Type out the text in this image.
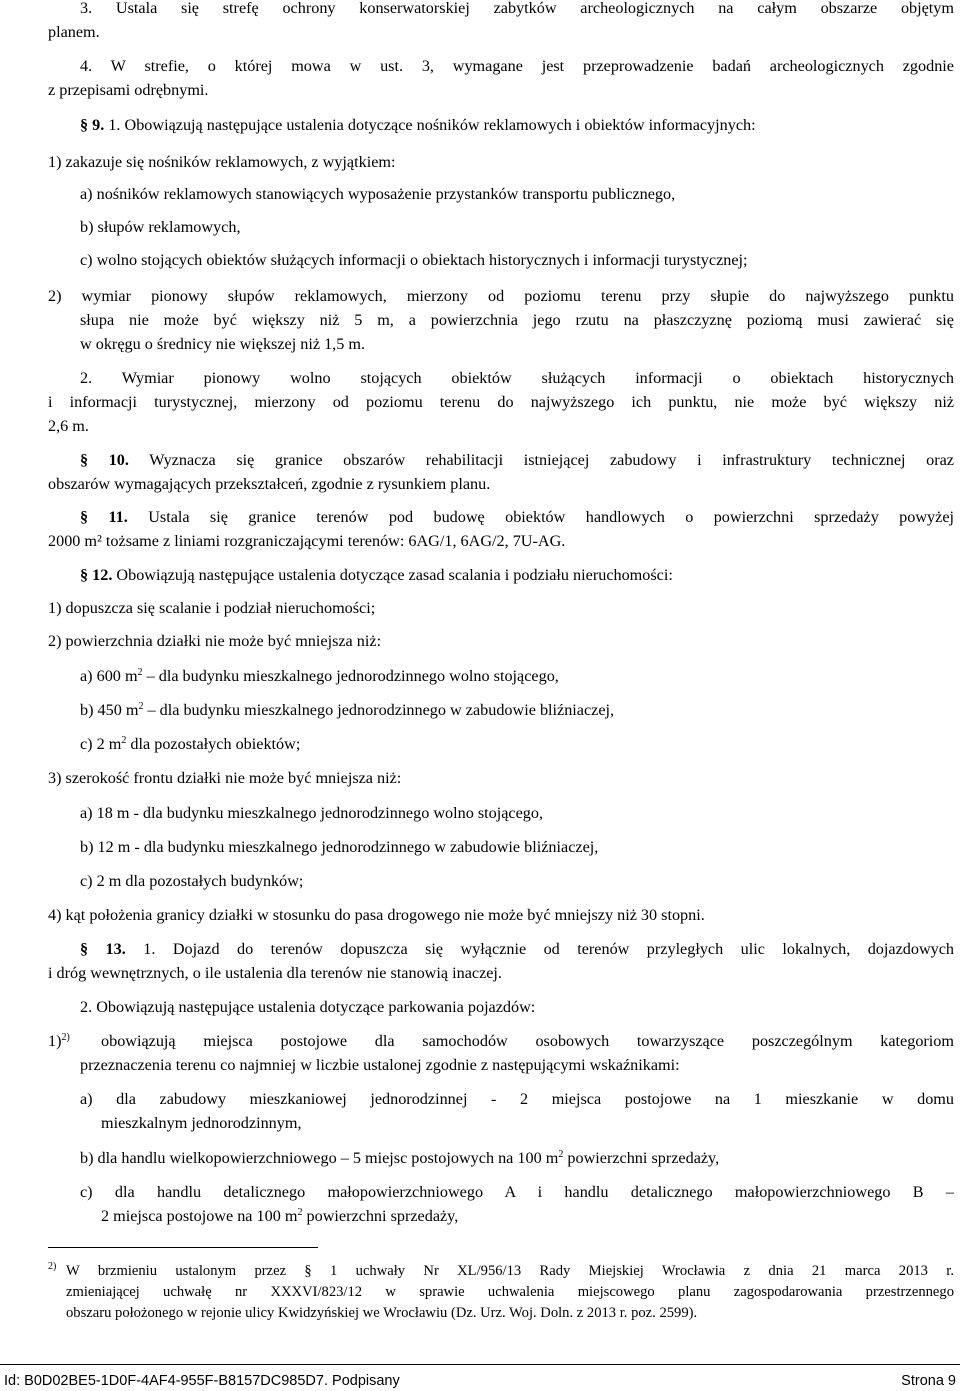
3. Ustala się strefę ochrony konserwatorskiej zabytków archeologicznych na całym obszarze objętym
planem.
4. W strefie, o której mowa w ust. 3, wymagane jest przeprowadzenie badań archeologicznych zgodnie
z przepisami odrębnymi.
§ 9. 1. Obowiązują następujące ustalenia dotyczące nośników reklamowych i obiektów informacyjnych:
1) zakazuje się nośników reklamowych, z wyjątkiem:
a) nośników reklamowych stanowiących wyposażenie przystanków transportu publicznego,
b) słupów reklamowych,
c) wolno stojących obiektów służących informacji o obiektach historycznych i informacji turystycznej;
2) wymiar pionowy słupów reklamowych, mierzony od poziomu terenu przy słupie do najwyższego punktu
słupa nie może być większy niż 5 m, a powierzchnia jego rzutu na płaszczyznę poziomą musi zawierać się
w okręgu o średnicy nie większej niż 1,5 m.
2. Wymiar pionowy wolno stojących obiektów służących informacji o obiektach historycznych
i informacji turystycznej, mierzony od poziomu terenu do najwyższego ich punktu, nie może być większy niż
2,6 m.
§ 10. Wyznacza się granice obszarów rehabilitacji istniejącej zabudowy i infrastruktury technicznej oraz
obszarów wymagających przekształceń, zgodnie z rysunkiem planu.
§ 11. Ustala się granice terenów pod budowę obiektów handlowych o powierzchni sprzedaży powyżej
2000 m² tożsame z liniami rozgraniczającymi terenów: 6AG/1, 6AG/2, 7U-AG.
§ 12. Obowiązują następujące ustalenia dotyczące zasad scalania i podziału nieruchomości:
1) dopuszcza się scalanie i podział nieruchomości;
2) powierzchnia działki nie może być mniejsza niż:
a) 600 $m^2$ – dla budynku mieszkalnego jednorodzinnego wolno stojącego,
b) 450 $m^2$ – dla budynku mieszkalnego jednorodzinnego w zabudowie bliźniaczej,
c) 2 $m^2$ dla pozostałych obiektów;
3) szerokość frontu działki nie może być mniejsza niż:
a) 18 m - dla budynku mieszkalnego jednorodzinnego wolno stojącego,
b) 12 m - dla budynku mieszkalnego jednorodzinnego w zabudowie bliźniaczej,
c) 2 m dla pozostałych budynków;
4) kąt położenia granicy działki w stosunku do pasa drogowego nie może być mniejszy niż 30 stopni.
§ 13. 1. Dojazd do terenów dopuszcza się wyłącznie od terenów przyległych ulic lokalnych, dojazdowych
i dróg wewnętrznych, o ile ustalenia dla terenów nie stanowią inaczej.
2. Obowiązują następujące ustalenia dotyczące parkowania pojazdów:
1)$^{2)}$	obowiązują miejsca postojowe dla samochodów osobowych towarzyszące poszczególnym kategoriom
przeznaczenia terenu co najmniej w liczbie ustalonej zgodnie z następującymi wskaźnikami:
a) dla zabudowy mieszkaniowej jednorodzinnej - 2 miejsca postojowe na 1 mieszkanie w domu
mieszkalnym jednorodzinnym,
b) dla handlu wielkopowierzchniowego – 5 miejsc postojowych na 100 $m^2$ powierzchni sprzedaży,
c) dla handlu detalicznego małopowierzchniowego A i handlu detalicznego małopowierzchniowego B –
2 miejsca postojowe na 100 $m^2$ powierzchni sprzedaży,
$^{2)}$ W brzmieniu ustalonym przez § 1 uchwały Nr XL/956/13 Rady Miejskiej Wrocławia z dnia 21 marca 2013 r.
zmieniającej uchwałę nr XXXVI/823/12 w sprawie uchwalenia miejscowego planu zagospodarowania przestrzennego
obszaru położonego w rejonie ulicy Kwidzyńskiej we Wrocławiu (Dz. Urz. Woj. Doln. z 2013 r. poz. 2599).
Id: B0D02BE5-1D0F-4AF4-955F-B8157DC985D7. Podpisany	Strona 9
